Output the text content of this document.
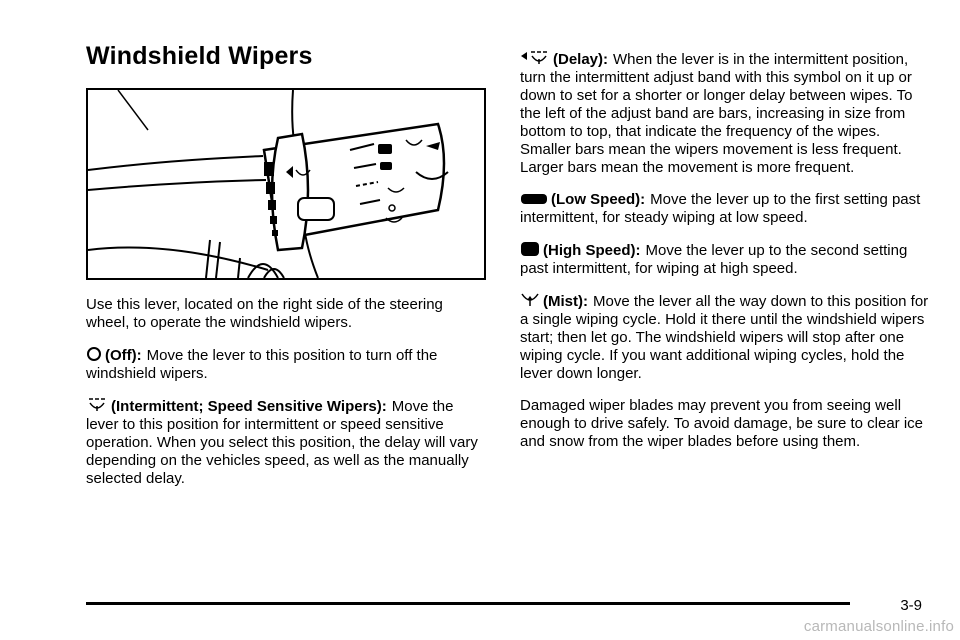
Windshield Wipers

Use this lever, located on the right side of the steering wheel, to operate the windshield wipers.

(Off): Move the lever to this position to turn off the windshield wipers.

(Intermittent; Speed Sensitive Wipers): Move the lever to this position for intermittent or speed sensitive operation. When you select this position, the delay will vary depending on the vehicles speed, as well as the manually selected delay.

(Delay): When the lever is in the intermittent position, turn the intermittent adjust band with this symbol on it up or down to set for a shorter or longer delay between wipes. To the left of the adjust band are bars, increasing in size from bottom to top, that indicate the frequency of the wipes. Smaller bars mean the wipers movement is less frequent. Larger bars mean the movement is more frequent.

(Low Speed): Move the lever up to the first setting past intermittent, for steady wiping at low speed.

(High Speed): Move the lever up to the second setting past intermittent, for wiping at high speed.

(Mist): Move the lever all the way down to this position for a single wiping cycle. Hold it there until the windshield wipers start; then let go. The windshield wipers will stop after one wiping cycle. If you want additional wiping cycles, hold the lever down longer.

Damaged wiper blades may prevent you from seeing well enough to drive safely. To avoid damage, be sure to clear ice and snow from the wiper blades before using them.

3-9
carmanualsonline.info
